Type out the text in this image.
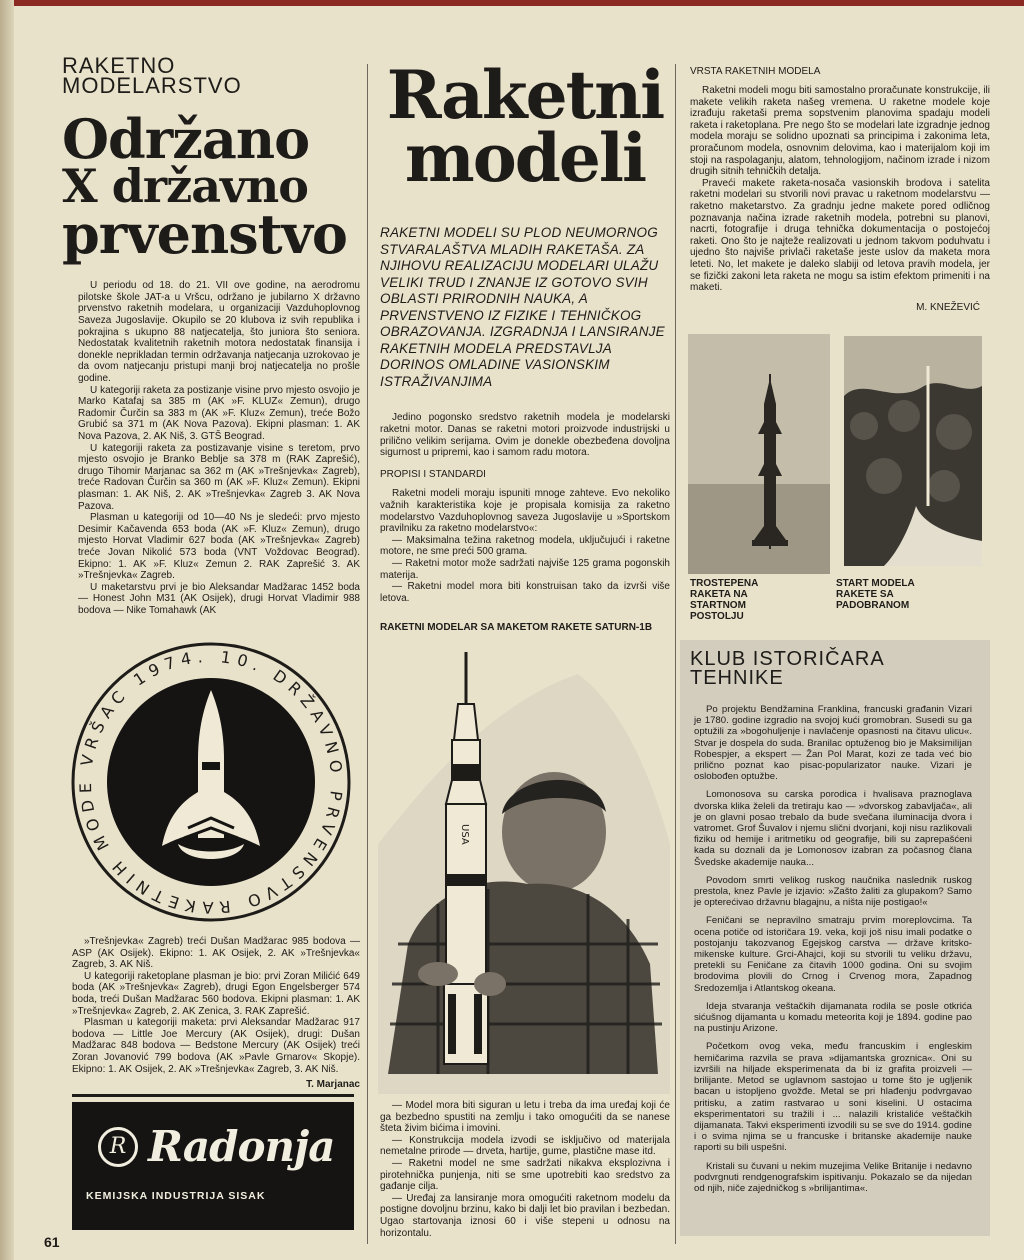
RAKETNO
MODELARSTVO
Održano
X državno
prvenstvo

U periodu od 18. do 21. VII ove godine, na aerodromu pilotske škole JAT-a u Vršcu, održano je jubilarno X državno prvenstvo raketnih modelara, u organizaciji Vazduhoplovnog Saveza Jugoslavije. Okupilo se 20 klubova iz svih republika i pokrajina s ukupno 88 natjecatelja, što juniora što seniora. Nedostatak kvalitetnih raketnih motora nedostatak finansija i donekle neprikladan termin održavanja natjecanja uzrokovao je da ovom natjecanju pristupi manji broj natjecatelja no prošle godine.

U kategoriji raketa za postizanje visine prvo mjesto osvojio je Marko Katafaj sa 385 m (AK »F. KLUZ« Zemun), drugo Radomir Čurčin sa 383 m (AK »F. Kluz« Zemun), treće Božo Grubić sa 371 m (AK Nova Pazova). Ekipni plasman: 1. AK Nova Pazova, 2. AK Niš, 3. GTŠ Beograd.

U kategoriji raketa za postizavanje visine s teretom, prvo mjesto osvojio je Branko Beblje sa 378 m (RAK Zaprešić), drugo Tihomir Marjanac sa 362 m (AK »Trešnjevka« Zagreb), treće Radovan Čurčin sa 360 m (AK »F. Kluz« Zemun). Ekipni plasman: 1. AK Niš, 2. AK »Trešnjevka« Zagreb 3. AK Nova Pazova.

Plasman u kategoriji od 10—40 Ns je sledeći: prvo mjesto Desimir Kačavenda 653 boda (AK »F. Kluz« Zemun), drugo mjesto Horvat Vladimir 627 boda (AK »Trešnjevka« Zagreb) treće Jovan Nikolić 573 boda (VNT Voždovac Beograd). Ekipno: 1. AK »F. Kluz« Zemun 2. RAK Zaprešić 3. AK »Trešnjevka« Zagreb.

U maketarstvu prvi je bio Aleksandar Madžarac 1452 boda — Honest John M31 (AK Osijek), drugi Horvat Vladimir 988 bodova — Nike Tomahawk (AK

VRŠAC 1974. 10. DRŽAVNO PRVENSTVO RAKETNIH MODE

»Trešnjevka« Zagreb) treći Dušan Madžarac 985 bodova — ASP (AK Osijek). Ekipno: 1. AK Osijek, 2. AK »Trešnjevka« Zagreb, 3. AK Niš.

U kategoriji raketoplane plasman je bio: prvi Zoran Milićić 649 boda (AK »Trešnjevka« Zagreb), drugi Egon Engelsberger 574 boda, treći Dušan Madžarac 560 bodova. Ekipni plasman: 1. AK »Trešnjevka« Zagreb, 2. AK Zenica, 3. RAK Zaprešić.

Plasman u kategoriji maketa: prvi Aleksandar Madžarac 917 bodova — Little Joe Mercury (AK Osijek), drugi: Dušan Madžarac 848 bodova — Bedstone Mercury (AK Osijek) treći Zoran Jovanović 799 bodova (AK »Pavle Grnarov« Skopje). Ekipno: 1. AK Osijek, 2. AK »Trešnjevka« Zagreb, 3. AK Niš.

T. Marjanac
R Radonja
KEMIJSKA INDUSTRIJA SISAK
61
Raketni
modeli
RAKETNI MODELI SU PLOD NEUMORNOG STVARALAŠTVA MLADIH RAKETAŠA. ZA NJIHOVU REALIZACIJU MODELARI ULAŽU VELIKI TRUD I ZNANJE IZ GOTOVO SVIH OBLASTI PRIRODNIH NAUKA, A PRVENSTVENO IZ FIZIKE I TEHNIČKOG OBRAZOVANJA. IZGRADNJA I LANSIRANJE RAKETNIH MODELA PREDSTAVLJA DORINOS OMLADINE VASIONSKIM ISTRAŽIVANJIMA

Jedino pogonsko sredstvo raketnih modela je modelarski raketni motor. Danas se raketni motori proizvode industrijski u prilično velikim serijama. Ovim je donekle obezbeđena dovoljna sigurnost u pripremi, kao i samom radu motora.

PROPISI I STANDARDI

Raketni modeli moraju ispuniti mnoge zahteve. Evo nekoliko važnih karakteristika koje je propisala komisija za raketno modelarstvo Vazduhoplovnog saveza Jugoslavije u »Sportskom pravilniku za raketno modelarstvo«:

— Maksimalna težina raketnog modela, uključujući i raketne motore, ne sme preći 500 grama.

— Raketni motor može sadržati najviše 125 grama pogonskih materija.

— Raketni model mora biti konstruisan tako da izvrši više letova.

RAKETNI MODELAR SA MAKETOM RAKETE SATURN-1B
USA

— Model mora biti siguran u letu i treba da ima uređaj koji će ga bezbedno spustiti na zemlju i tako omogućiti da se nanese šteta živim bićima i imovini.

— Konstrukcija modela izvodi se isključivo od materijala nemetalne prirode — drveta, hartije, gume, plastične mase itd.

— Raketni model ne sme sadržati nikakva eksplozivna i pirotehnička punjenja, niti se sme upotrebiti kao sredstvo za gađanje cilja.

— Uređaj za lansiranje mora omogućiti raketnom modelu da postigne dovoljnu brzinu, kako bi dalji let bio pravilan i bezbedan. Ugao startovanja iznosi 60 i više stepeni u odnosu na horizontalu.

VRSTA RAKETNIH MODELA

Raketni modeli mogu biti samostalno proračunate konstrukcije, ili makete velikih raketa našeg vremena. U raketne modele koje izrađuju raketaši prema sopstvenim planovima spadaju modeli raketa i raketoplana. Pre nego što se modelari late izgradnje jednog modela moraju se solidno upoznati sa principima i zakonima leta, proračunom modela, osnovnim delovima, kao i materijalom koji im stoji na raspolaganju, alatom, tehnologijom, načinom izrade i nizom drugih sitnih tehničkih detalja.

Praveći makete raketa-nosača vasionskih brodova i satelita raketni modelari su stvorili novi pravac u raketnom modelarstvu — raketno maketarstvo. Za gradnju jedne makete pored odličnog poznavanja načina izrade raketnih modela, potrebni su planovi, nacrti, fotografije i druga tehnička dokumentacija o postojećoj raketi. Ono što je najteže realizovati u jednom takvom poduhvatu i ujedno što najviše privlači raketaše jeste uslov da maketa mora leteti. No, let makete je daleko slabiji od letova pravih modela, jer se fizički zakoni leta raketa ne mogu sa istim efektom primeniti i na maketi.

M. KNEŽEVIĆ
TROSTEPENA RAKETA NA STARTNOM POSTOLJU
START MODELA RAKETE SA PADOBRANOM
KLUB ISTORIČARA
TEHNIKE

Po projektu Bendžamina Franklina, francuski građanin Vizari je 1780. godine izgradio na svojoj kući gromobran. Susedi su ga optužili za »bogohuljenje i navlačenje opasnosti na čitavu ulicu«. Stvar je dospela do suda. Branilac optuženog bio je Maksimilijan Robespjer, a ekspert — Žan Pol Marat, kozi ze tada već bio prilično poznat kao pisac-popularizator nauke. Vizari je oslobođen optužbe.

Lomonosova su carska porodica i hvalisava praznoglava dvorska klika želeli da tretiraju kao — »dvorskog zabavljača«, ali je on glavni posao trebalo da bude svečana iluminacija dvora i vatromet. Grof Šuvalov i njemu slični dvorjani, koji nisu razlikovali fiziku od hemije i aritmetiku od geografije, bili su zaprepašćeni kada su doznali da je Lomonosov izabran za počasnog člana Švedske akademije nauka...

Povodom smrti velikog ruskog naučnika naslednik ruskog prestola, knez Pavle je izjavio: »Zašto žaliti za glupakom? Samo je opterećivao državnu blagajnu, a ništa nije postigao!«

Feničani se nepravilno smatraju prvim moreplovcima. Ta ocena potiče od istoričara 19. veka, koji još nisu imali podatke o postojanju takozvanog Egejskog carstva — države kritsko-mikenske kulture. Grci-Ahajci, koji su stvorili tu veliku državu, pretekli su Feničane za čitavih 1000 godina. Oni su svojim brodovima plovili do Crnog i Crvenog mora, Zapadnog Sredozemlja i Atlantskog okeana.

Ideja stvaranja veštačkih dijamanata rodila se posle otkrića sićušnog dijamanta u komadu meteorita koji je 1894. godine pao na pustinju Arizone.

Početkom ovog veka, među francuskim i engleskim hemičarima razvila se prava »dijamantska groznica«. Oni su izvršili na hiljade eksperimenata da bi iz grafita proizveli — brilijante. Metod se uglavnom sastojao u tome što je ugljenik bacan u istopljeno gvožđe. Metal se pri hlađenju podvrgavao pritisku, a zatim rastvarao u soni kiselini. U ostacima eksperimentatori su tražili i ... nalazili kristaliće veštačkih dijamanata. Takvi eksperimenti izvodili su se sve do 1914. godine i o svima njima se u francuske i britanske akademije nauke raporti su bili uspešni.

Kristali su čuvani u nekim muzejima Velike Britanije i nedavno podvrgnuti rendgenografskim ispitivanju. Pokazalo se da nijedan od njih, niče zajedničkog s »brilijantima«.
